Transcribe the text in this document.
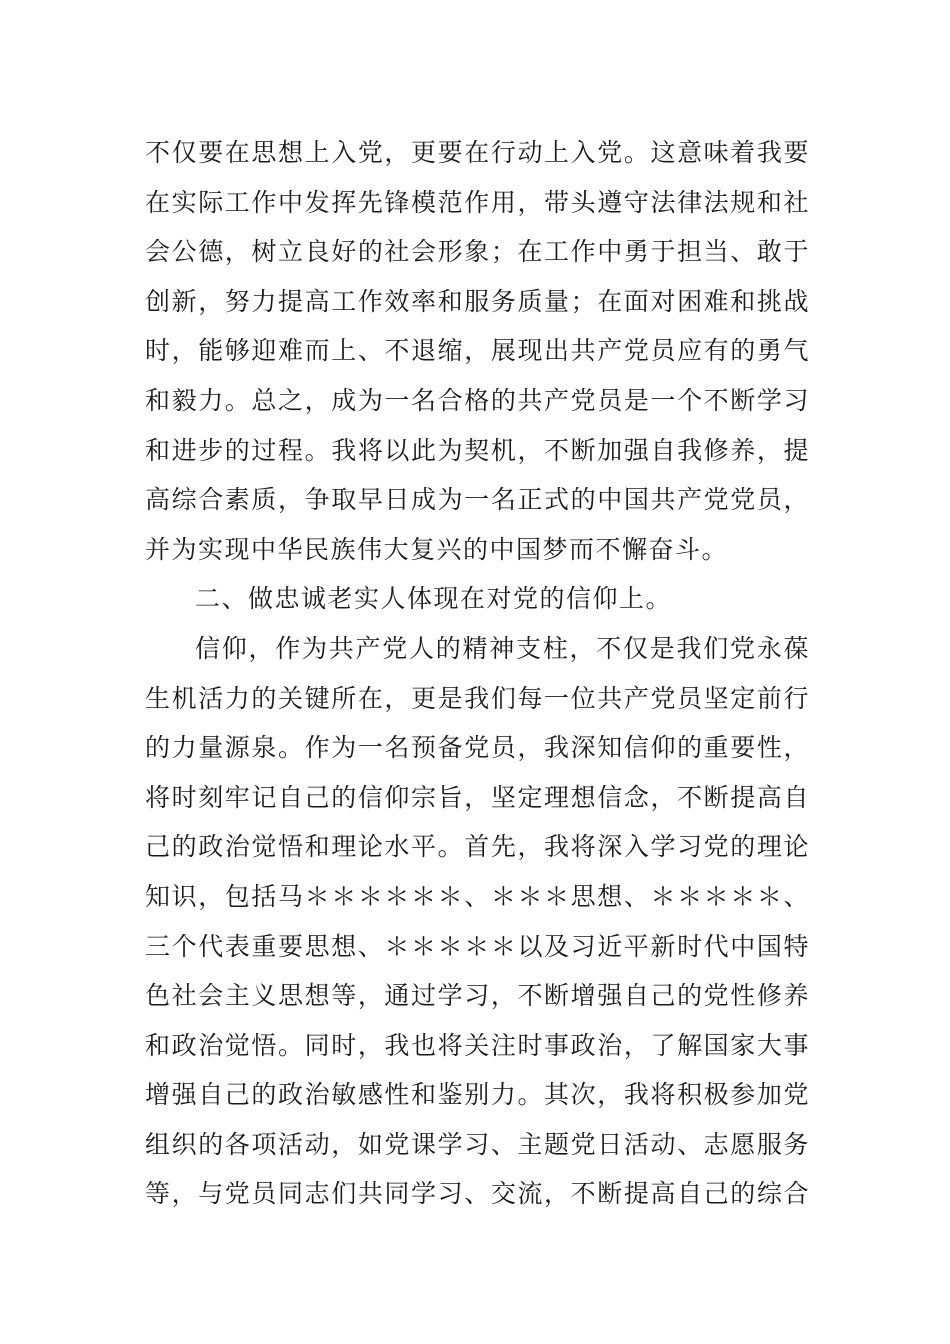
不仅要在思想上入党，更要在行动上入党。这意味着我要
在实际工作中发挥先锋模范作用，带头遵守法律法规和社
会公德，树立良好的社会形象；在工作中勇于担当、敢于
创新，努力提高工作效率和服务质量；在面对困难和挑战
时，能够迎难而上、不退缩，展现出共产党员应有的勇气
和毅力。总之，成为一名合格的共产党员是一个不断学习
和进步的过程。我将以此为契机，不断加强自我修养，提
高综合素质，争取早日成为一名正式的中国共产党党员，
并为实现中华民族伟大复兴的中国梦而不懈奋斗。
二、做忠诚老实人体现在对党的信仰上。
信仰，作为共产党人的精神支柱，不仅是我们党永葆
生机活力的关键所在，更是我们每一位共产党员坚定前行
的力量源泉。作为一名预备党员，我深知信仰的重要性，
将时刻牢记自己的信仰宗旨，坚定理想信念，不断提高自
己的政治觉悟和理论水平。首先，我将深入学习党的理论
知识，包括马＊＊＊＊＊＊、＊＊＊思想、＊＊＊＊＊、
三个代表重要思想、＊＊＊＊＊以及习近平新时代中国特
色社会主义思想等，通过学习，不断增强自己的党性修养
和政治觉悟。同时，我也将关注时事政治，了解国家大事
增强自己的政治敏感性和鉴别力。其次，我将积极参加党
组织的各项活动，如党课学习、主题党日活动、志愿服务
等，与党员同志们共同学习、交流，不断提高自己的综合
